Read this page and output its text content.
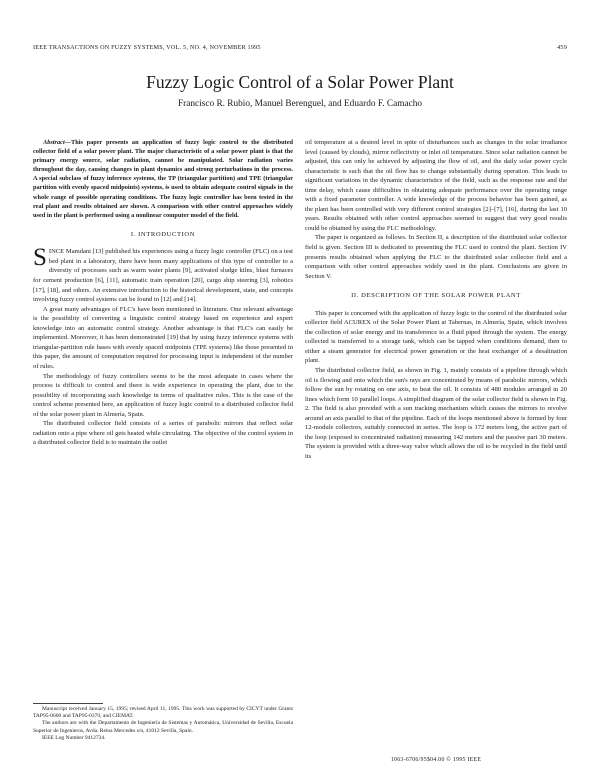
IEEE TRANSACTIONS ON FUZZY SYSTEMS, VOL. 5, NO. 4, NOVEMBER 1995	459
Fuzzy Logic Control of a Solar Power Plant
Francisco R. Rubio, Manuel Berenguel, and Eduardo F. Camacho

Abstract—This paper presents an application of fuzzy logic control to the distributed collector field of a solar power plant. The major characteristic of a solar power plant is that the primary energy source, solar radiation, cannot be manipulated. Solar radiation varies throughout the day, causing changes in plant dynamics and strong perturbations in the process. A special subclass of fuzzy inference systems, the TP (triangular partition) and TPE (triangular partition with evenly spaced midpoints) systems, is used to obtain adequate control signals in the whole range of possible operating conditions. The fuzzy logic controller has been tested in the real plant and results obtained are shown. A comparison with other control approaches widely used in the plant is performed using a nonlinear computer model of the field.

I. INTRODUCTION

SINCE Mamdani [13] published his experiences using a fuzzy logic controller (FLC) on a test bed plant in a laboratory, there have been many applications of this type of controller to a diversity of processes such as warm water plants [9], activated sludge kilns, blast furnaces for cement production [6], [11], automatic train operation [20], cargo ship steering [3], robotics [17], [18], and others. An extensive introduction to the historical development, state, and concepts involving fuzzy control systems can be found in [12] and [14].

A great many advantages of FLC's have been mentioned in literature. One relevant advantage is the possibility of converting a linguistic control strategy based on experience and expert knowledge into an automatic control strategy. Another advantage is that FLC's can easily be implemented. Moreover, it has been demonstrated [19] that by using fuzzy inference systems with triangular-partition rule bases with evenly spaced midpoints (TPE systems) like those presented in this paper, the amount of computation required for processing input is independent of the number of rules.

The methodology of fuzzy controllers seems to be the most adequate in cases where the process is difficult to control and there is wide experience in operating the plant, due to the possibility of incorporating such knowledge in terms of qualitative rules. This is the case of the control scheme presented here, an application of fuzzy logic control to a distributed collector field of the solar power plant in Almería, Spain.

The distributed collector field consists of a series of parabolic mirrors that reflect solar radiation onto a pipe where oil gets heated while circulating. The objective of the control system in a distributed collector field is to maintain the outlet

Manuscript received January 15, 1995; revised April 11, 1995. This work was supported by CICYT under Grants TAP95-0600 and TAP95-0370, and CIEMAT.

The authors are with the Departamento de Ingeniería de Sistemas y Automática, Universidad de Sevilla, Escuela Superior de Ingenieros, Avda. Reina Mercedes s/n, 41012 Sevilla, Spain.

IEEE Log Number 9412734.

oil temperature at a desired level in spite of disturbances such as changes in the solar irradiance level (caused by clouds), mirror reflectivity or inlet oil temperature. Since solar radiation cannot be adjusted, this can only be achieved by adjusting the flow of oil, and the daily solar power cycle characteristic is such that the oil flow has to change substantially during operation. This leads to significant variations in the dynamic characteristics of the field, such as the response rate and the time delay, which cause difficulties in obtaining adequate performance over the operating range with a fixed parameter controller. A wide knowledge of the process behavior has been gained, as the plant has been controlled with very different control strategies [2]–[7], [16], during the last 10 years. Results obtained with other control approaches seemed to suggest that very good results could be obtained by using the FLC methodology.

The paper is organized as follows. In Section II, a description of the distributed solar collector field is given. Section III is dedicated to presenting the FLC used to control the plant. Section IV presents results obtained when applying the FLC to the distributed solar collector field and a comparison with other control approaches widely used in the plant. Conclusions are given in Section V.

II. DESCRIPTION OF THE SOLAR POWER PLANT

This paper is concerned with the application of fuzzy logic to the control of the distributed solar collector field ACUREX of the Solar Power Plant at Tabernas, in Almería, Spain, which involves the collection of solar energy and its transference to a fluid piped through the system. The energy collected is transferred to a storage tank, which can be tapped when conditions demand, then to either a steam generator for electrical power generation or the heat exchanger of a desalination plant.

The distributed collector field, as shown in Fig. 1, mainly consists of a pipeline through which oil is flowing and onto which the sun's rays are concentrated by means of parabolic mirrors, which follow the sun by rotating on one axis, to heat the oil. It consists of 480 modules arranged in 20 lines which form 10 parallel loops. A simplified diagram of the solar collector field is shown in Fig. 2. The field is also provided with a sun tracking mechanism which causes the mirrors to revolve around an axis parallel to that of the pipeline. Each of the loops mentioned above is formed by four 12-module collectors, suitably connected in series. The loop is 172 meters long, the active part of the loop (exposed to concentrated radiation) measuring 142 meters and the passive part 30 meters. The system is provided with a three-way valve which allows the oil to be recycled in the field until its

1063-6706/95$04.00 © 1995 IEEE
